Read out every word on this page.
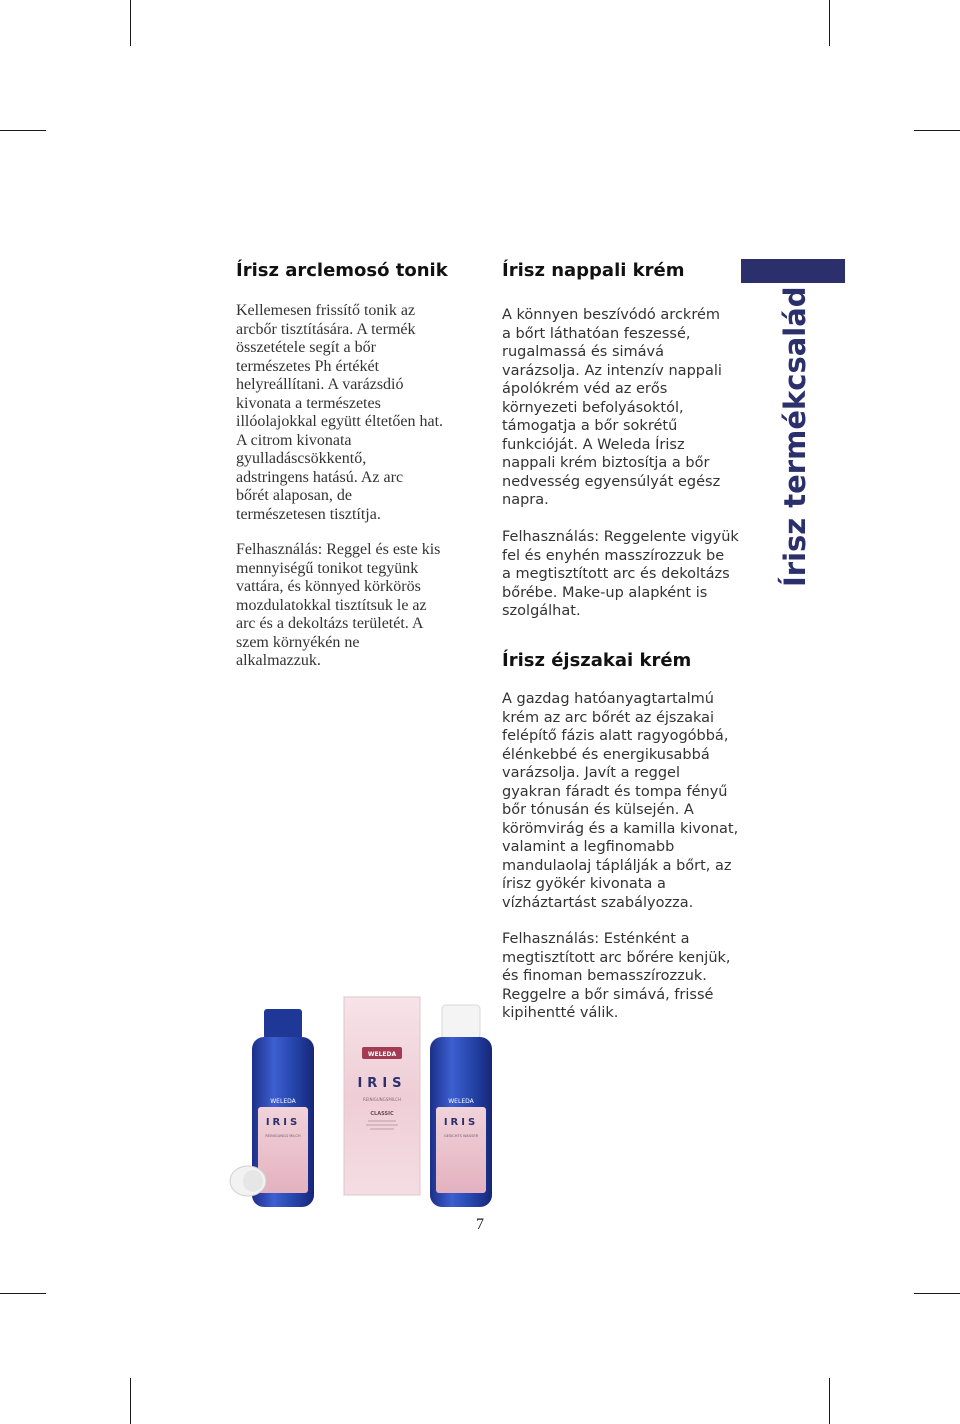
Írisz arclemosó tonik
Kellemesen frissítő tonik az
arcbőr tisztítására. A termék
összetétele segít a bőr
természetes Ph értékét
helyreállítani. A varázsdió
kivonata a természetes
illóolajokkal együtt éltetően hat.
A citrom kivonata
gyulladáscsökkentő,
adstringens hatású. Az arc
bőrét alaposan, de
természetesen tisztítja.
Felhasználás: Reggel és este kis
mennyiségű tonikot tegyünk
vattára, és könnyed körkörös
mozdulatokkal tisztítsuk le az
arc és a dekoltázs területét. A
szem környékén ne
alkalmazzuk.
Írisz nappali krém
A könnyen beszívódó arckrém
a bőrt láthatóan feszessé,
rugalmassá és simává
varázsolja. Az intenzív nappali
ápolókrém véd az erős
környezeti befolyásoktól,
támogatja a bőr sokrétű
funkcióját. A Weleda Írisz
nappali krém biztosítja a bőr
nedvesség egyensúlyát egész
napra.
Felhasználás: Reggelente vigyük
fel és enyhén masszírozzuk be
a megtisztított arc és dekoltázs
bőrébe. Make-up alapként is
szolgálhat.
Írisz éjszakai krém
A gazdag hatóanyagtartalmú
krém az arc bőrét az éjszakai
felépítő fázis alatt ragyogóbbá,
élénkebbé és energikusabbá
varázsolja. Javít a reggel
gyakran fáradt és tompa fényű
bőr tónusán és külsején. A
körömvirág és a kamilla kivonat,
valamint a legfinomabb
mandulaolaj táplálják a bőrt, az
írisz gyökér kivonata a
vízháztartást szabályozza.
Felhasználás: Esténként a
megtisztított arc bőrére kenjük,
és finoman bemasszírozzuk.
Reggelre a bőr simává, frissé
kipihentté válik.
Írisz termékcsalád
WELEDA
IRIS
REINIGUNGS MILCH
WELEDA
IRIS
REINIGUNGSMILCH
CLASSIC
WELEDA
IRIS
GESICHTS WASSER
7
